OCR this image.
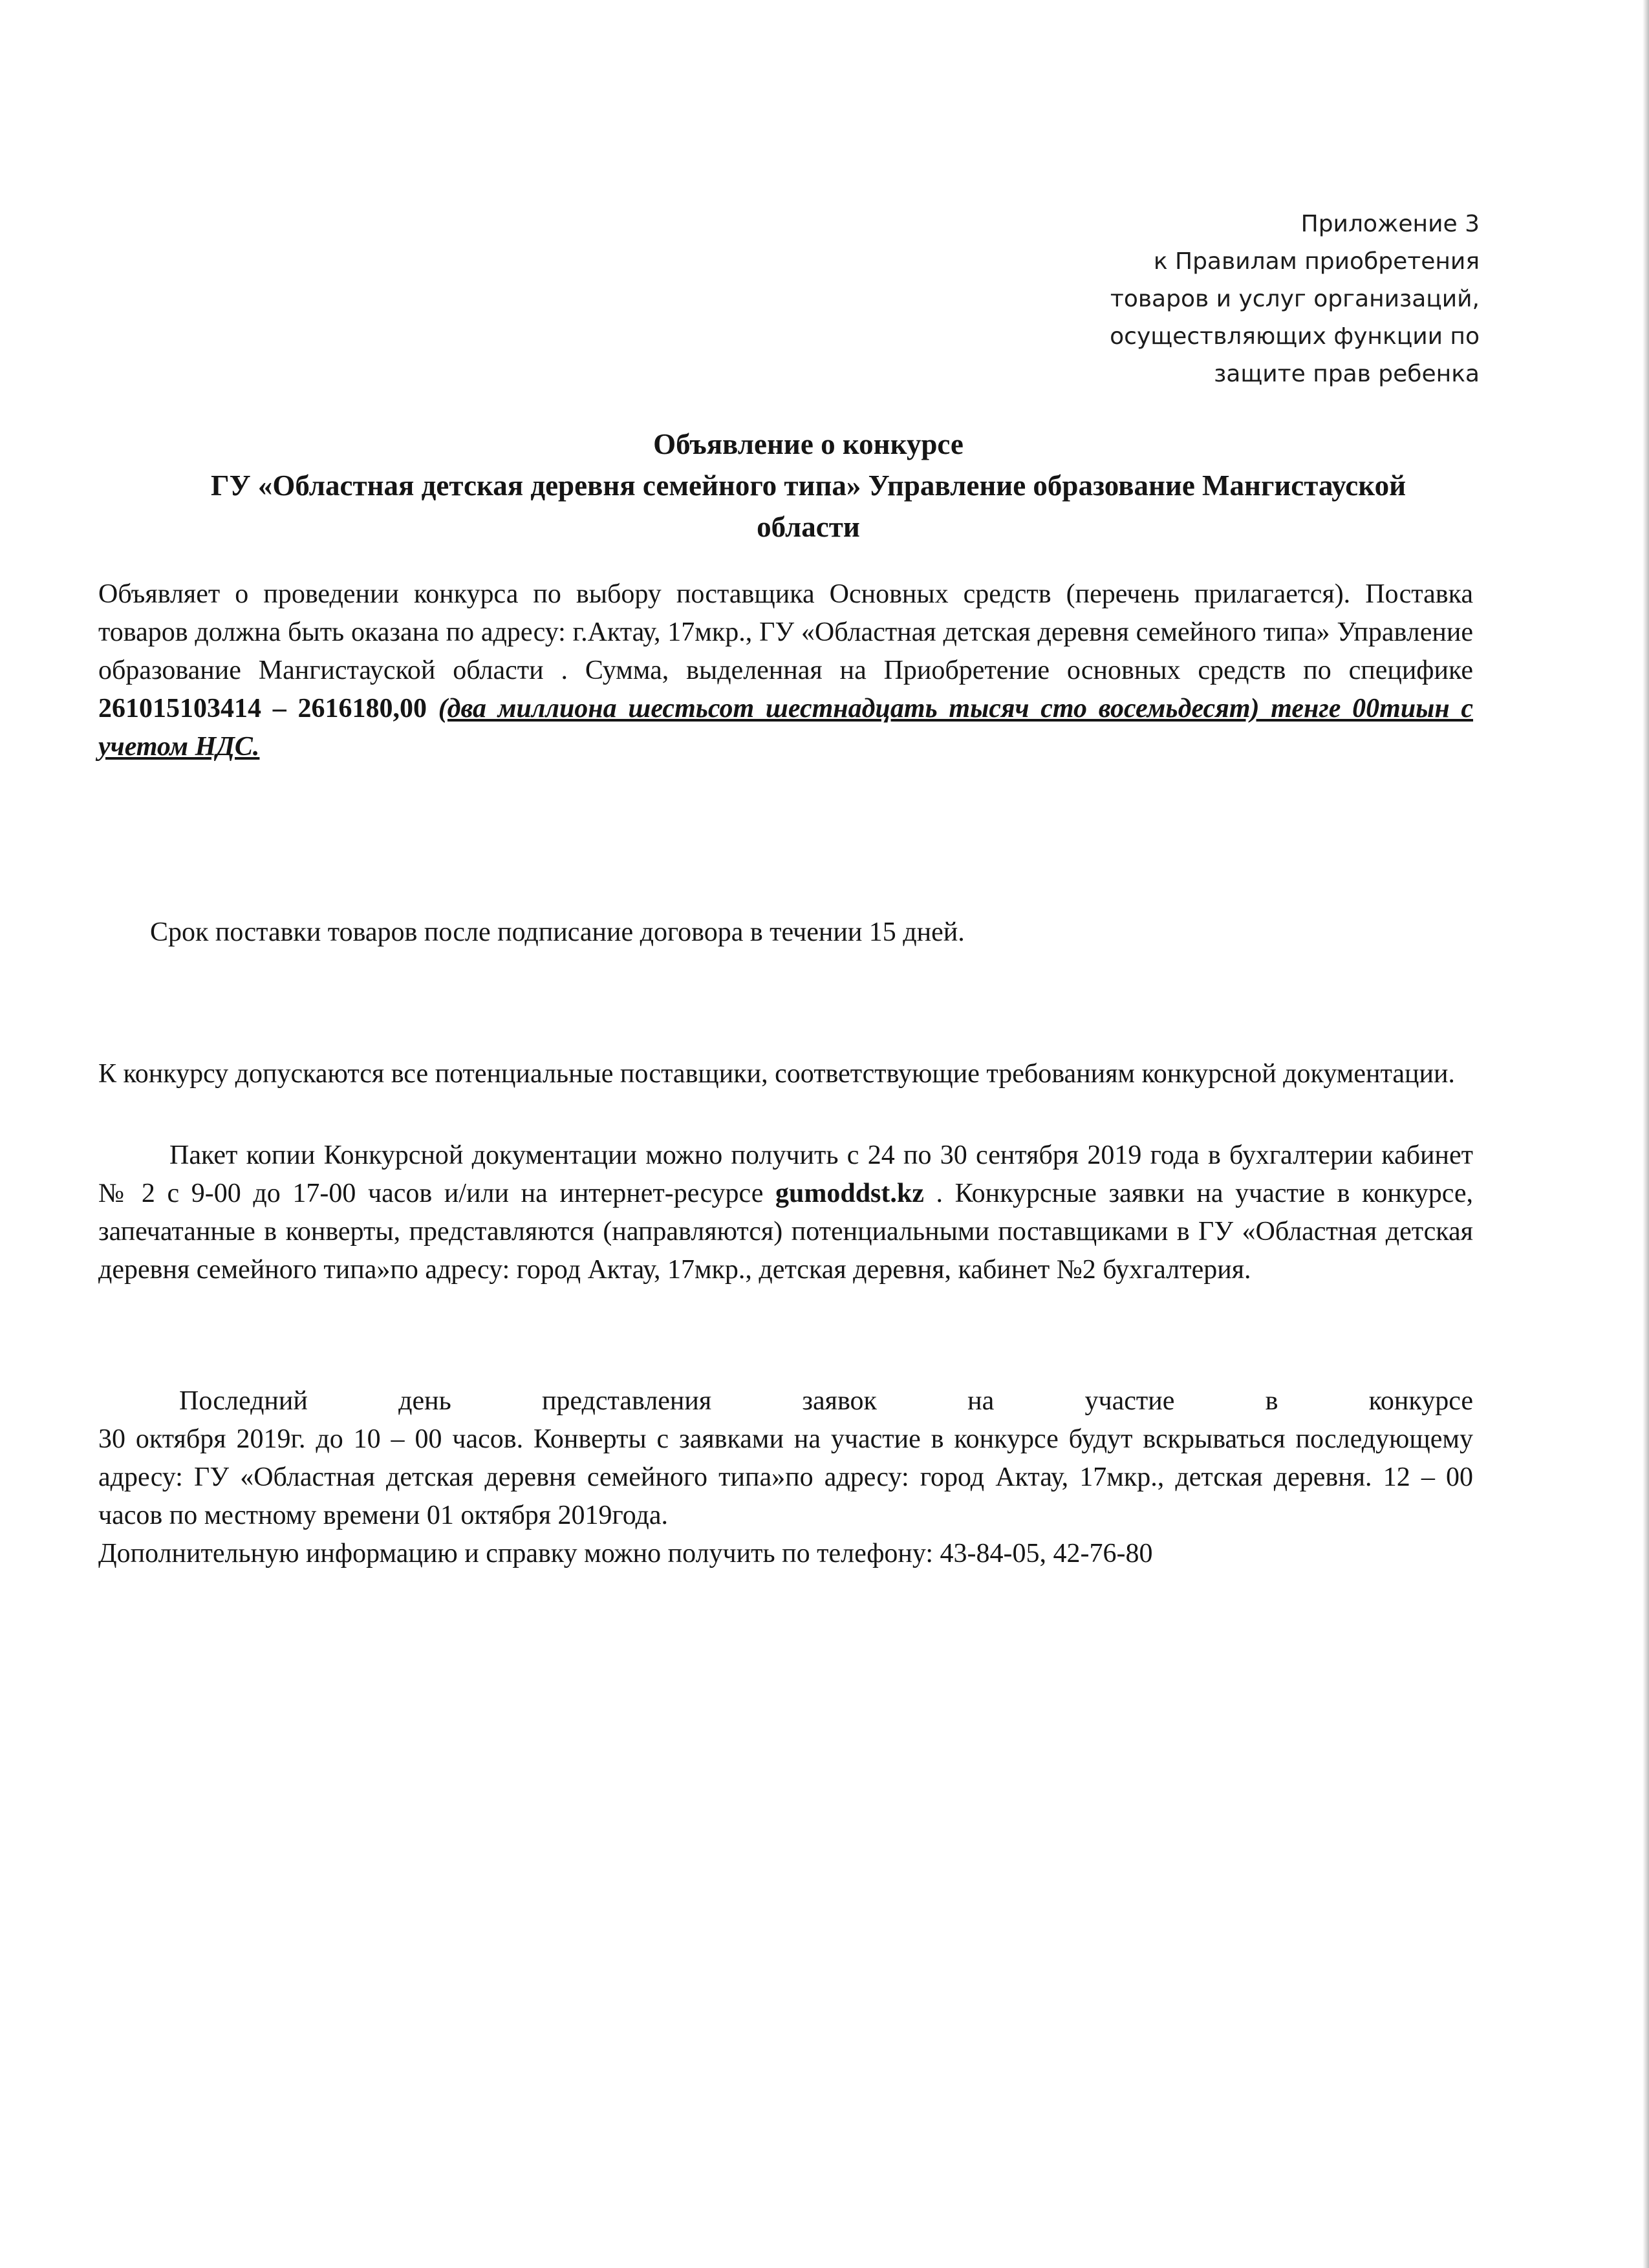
Приложение 3
к Правилам приобретения
товаров и услуг организаций,
осуществляющих функции по
защите прав ребенка
Объявление о конкурсе
ГУ «Областная детская деревня семейного типа» Управление образование Мангистауской
области
Объявляет о проведении конкурса по выбору поставщика Основных средств (перечень прилагается). Поставка товаров должна быть оказана по адресу: г.Актау, 17мкр., ГУ «Областная детская деревня семейного типа» Управление образование Мангистауской области . Сумма, выделенная на Приобретение основных средств по специфике 261015103414 – 2616180,00 (два миллиона шестьсот шестнадцать тысяч сто восемьдесят) тенге 00тиын с учетом НДС.
Срок поставки товаров после подписание договора в течении 15 дней.
К конкурсу допускаются все потенциальные поставщики, соответствующие требованиям конкурсной документации.
Пакет копии Конкурсной документации можно получить с 24 по 30 сентября 2019 года в бухгалтерии кабинет № 2 с 9-00 до 17-00 часов и/или на интернет-ресурсе gumoddst.kz . Конкурсные заявки на участие в конкурсе, запечатанные в конверты, представляются (направляются) потенциальными поставщиками в ГУ «Областная детская деревня семейного типа»по адресу: город Актау, 17мкр., детская деревня, кабинет №2 бухгалтерия.
Последний день представления заявок на участие в конкурсе
30 октября 2019г. до 10 – 00 часов. Конверты с заявками на участие в конкурсе будут вскрываться последующему адресу: ГУ «Областная детская деревня семейного типа»по адресу: город Актау, 17мкр., детская деревня. 12 – 00 часов по местному времени 01 октября 2019года.
Дополнительную информацию и справку можно получить по телефону: 43-84-05, 42-76-80
